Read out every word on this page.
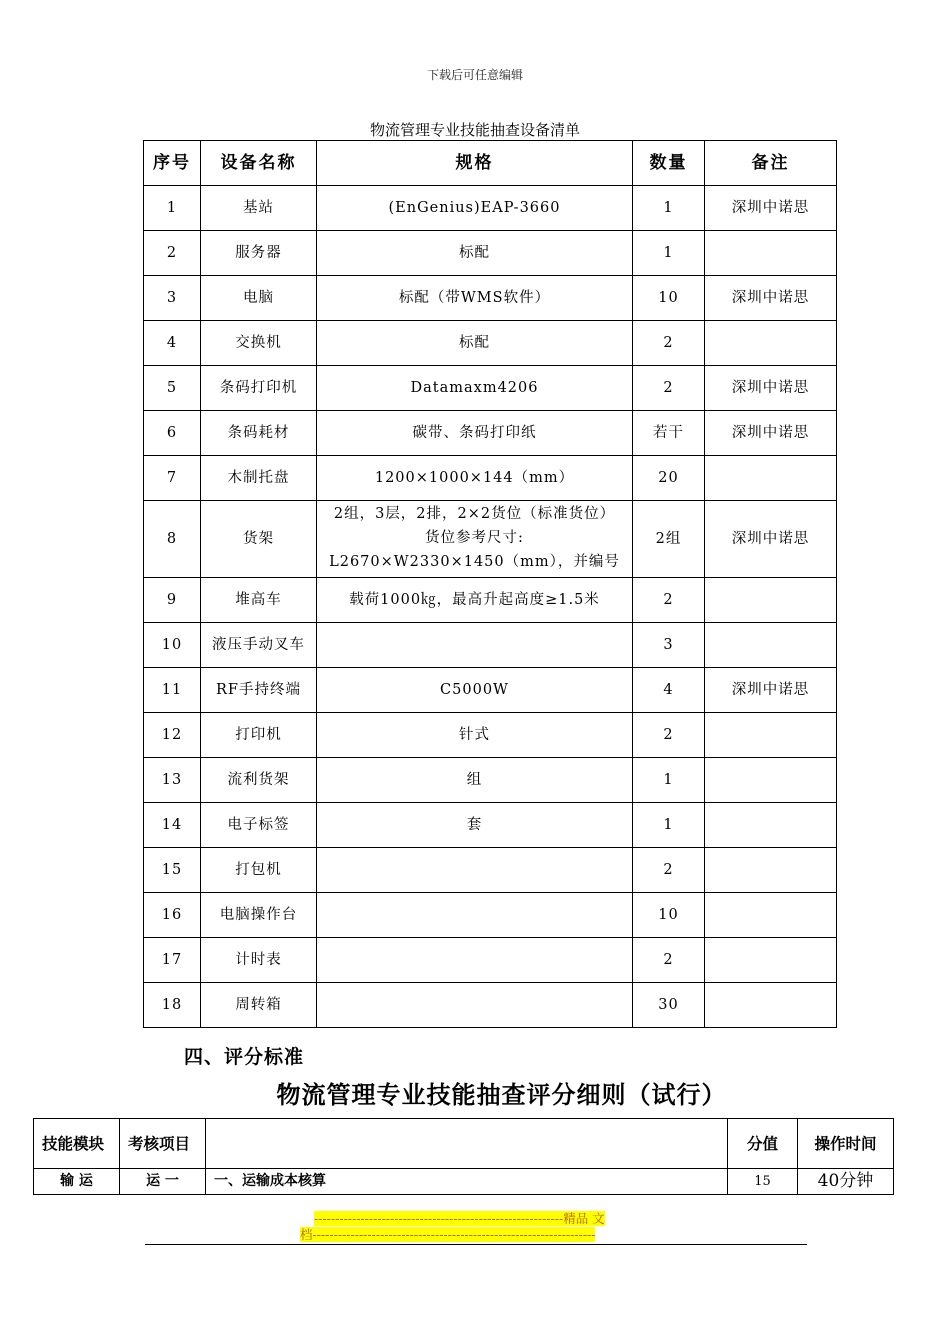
下载后可任意编辑
物流管理专业技能抽查设备清单
序号	设备名称	规格	数量	备注
1	基站	(EnGenius)EAP-3660	1	深圳中诺思
2	服务器	标配	1	
3	电脑	标配（带WMS软件）	10	深圳中诺思
4	交换机	标配	2	
5	条码打印机	Datamaxm4206	2	深圳中诺思
6	条码耗材	碳带、条码打印纸	若干	深圳中诺思
7	木制托盘	1200×1000×144（mm）	20	
8	货架	2组，3层，2排，2×2货位（标准货位）
货位参考尺寸:
L2670×W2330×1450（mm），并编号	2组	深圳中诺思
9	堆高车	载荷1000㎏，最高升起高度≥1.5米	2	
10	液压手动叉车		3	
11	RF手持终端	C5000W	4	深圳中诺思
12	打印机	针式	2	
13	流利货架	组	1	
14	电子标签	套	1	
15	打包机		2	
16	电脑操作台		10	
17	计时表		2	
18	周转箱		30	
四、评分标准
物流管理专业技能抽查评分细则（试行）
技能模块	考核项目		分值	操作时间
输 运	运 一	一、运输成本核算	15	40分钟
-----------------------------------------------------------精品 文
档-------------------------------------------------------------------
